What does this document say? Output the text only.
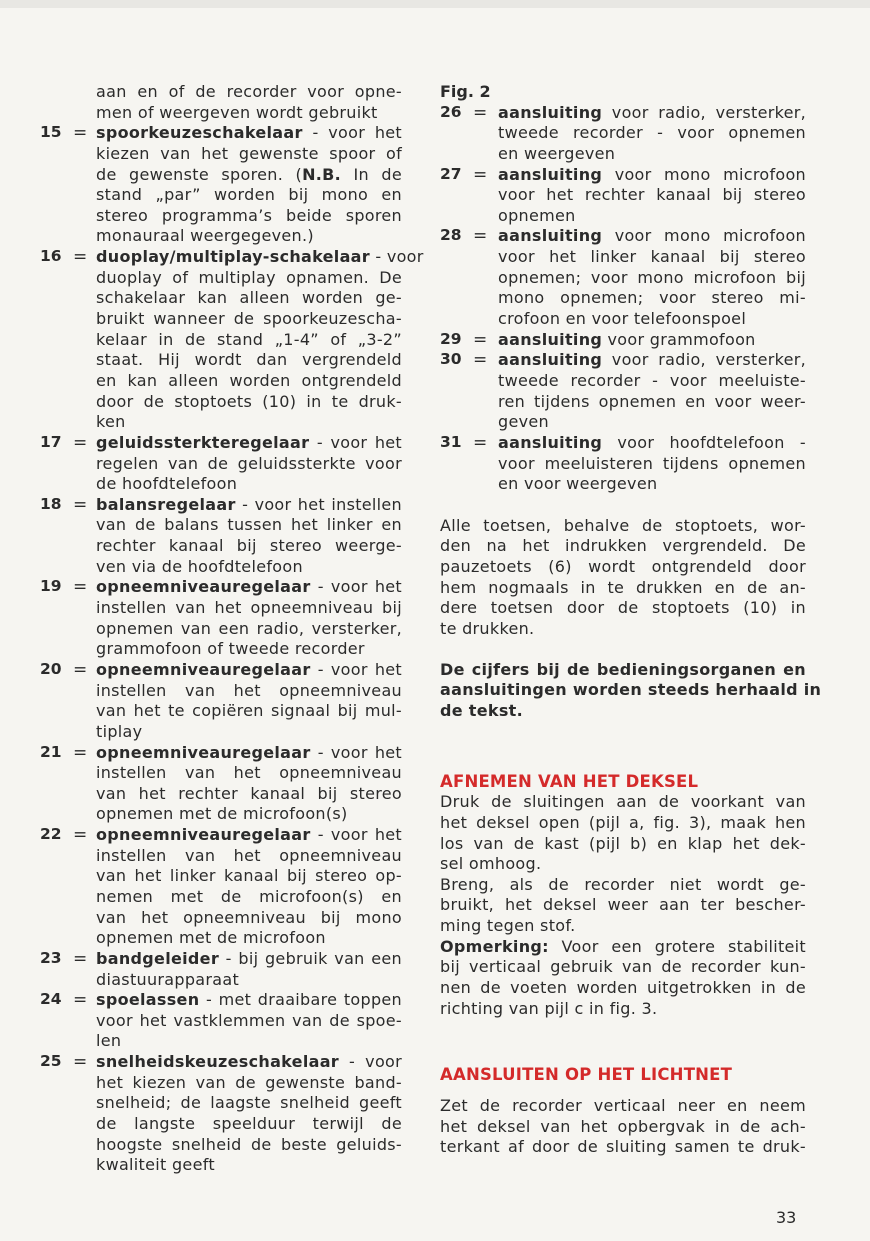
aan en of de recorder voor opne-
men of weergeven wordt gebruikt
15 = spoorkeuzeschakelaar - voor het
kiezen van het gewenste spoor of
de gewenste sporen. (N.B. In de
stand „par” worden bij mono en
stereo programma’s beide sporen
monauraal weergegeven.)
16 = duoplay/multiplay-schakelaar - voor
duoplay of multiplay opnamen. De
schakelaar kan alleen worden ge-
bruikt wanneer de spoorkeuzescha-
kelaar in de stand „1-4” of „3-2”
staat. Hij wordt dan vergrendeld
en kan alleen worden ontgrendeld
door de stoptoets (10) in te druk-
ken
17 = geluidssterkteregelaar - voor het
regelen van de geluidssterkte voor
de hoofdtelefoon
18 = balansregelaar - voor het instellen
van de balans tussen het linker en
rechter kanaal bij stereo weerge-
ven via de hoofdtelefoon
19 = opneemniveauregelaar - voor het
instellen van het opneemniveau bij
opnemen van een radio, versterker,
grammofoon of tweede recorder
20 = opneemniveauregelaar - voor het
instellen van het opneemniveau
van het te copiëren signaal bij mul-
tiplay
21 = opneemniveauregelaar - voor het
instellen van het opneemniveau
van het rechter kanaal bij stereo
opnemen met de microfoon(s)
22 = opneemniveauregelaar - voor het
instellen van het opneemniveau
van het linker kanaal bij stereo op-
nemen met de microfoon(s) en
van het opneemniveau bij mono
opnemen met de microfoon
23 = bandgeleider - bij gebruik van een
diastuurapparaat
24 = spoelassen - met draaibare toppen
voor het vastklemmen van de spoe-
len
25 = snelheidskeuzeschakelaar - voor
het kiezen van de gewenste band-
snelheid; de laagste snelheid geeft
de langste speelduur terwijl de
hoogste snelheid de beste geluids-
kwaliteit geeft
Fig. 2
26 = aansluiting voor radio, versterker,
tweede recorder - voor opnemen
en weergeven
27 = aansluiting voor mono microfoon
voor het rechter kanaal bij stereo
opnemen
28 = aansluiting voor mono microfoon
voor het linker kanaal bij stereo
opnemen; voor mono microfoon bij
mono opnemen; voor stereo mi-
crofoon en voor telefoonspoel
29 = aansluiting voor grammofoon
30 = aansluiting voor radio, versterker,
tweede recorder - voor meeluiste-
ren tijdens opnemen en voor weer-
geven
31 = aansluiting voor hoofdtelefoon -
voor meeluisteren tijdens opnemen
en voor weergeven
Alle toetsen, behalve de stoptoets, wor-
den na het indrukken vergrendeld. De
pauzetoets (6) wordt ontgrendeld door
hem nogmaals in te drukken en de an-
dere toetsen door de stoptoets (10) in
te drukken.
De cijfers bij de bedieningsorganen en
aansluitingen worden steeds herhaald in
de tekst.
AFNEMEN VAN HET DEKSEL
Druk de sluitingen aan de voorkant van
het deksel open (pijl a, fig. 3), maak hen
los van de kast (pijl b) en klap het dek-
sel omhoog.
Breng, als de recorder niet wordt ge-
bruikt, het deksel weer aan ter bescher-
ming tegen stof.
Opmerking: Voor een grotere stabiliteit
bij verticaal gebruik van de recorder kun-
nen de voeten worden uitgetrokken in de
richting van pijl c in fig. 3.
AANSLUITEN OP HET LICHTNET
Zet de recorder verticaal neer en neem
het deksel van het opbergvak in de ach-
terkant af door de sluiting samen te druk-
33
